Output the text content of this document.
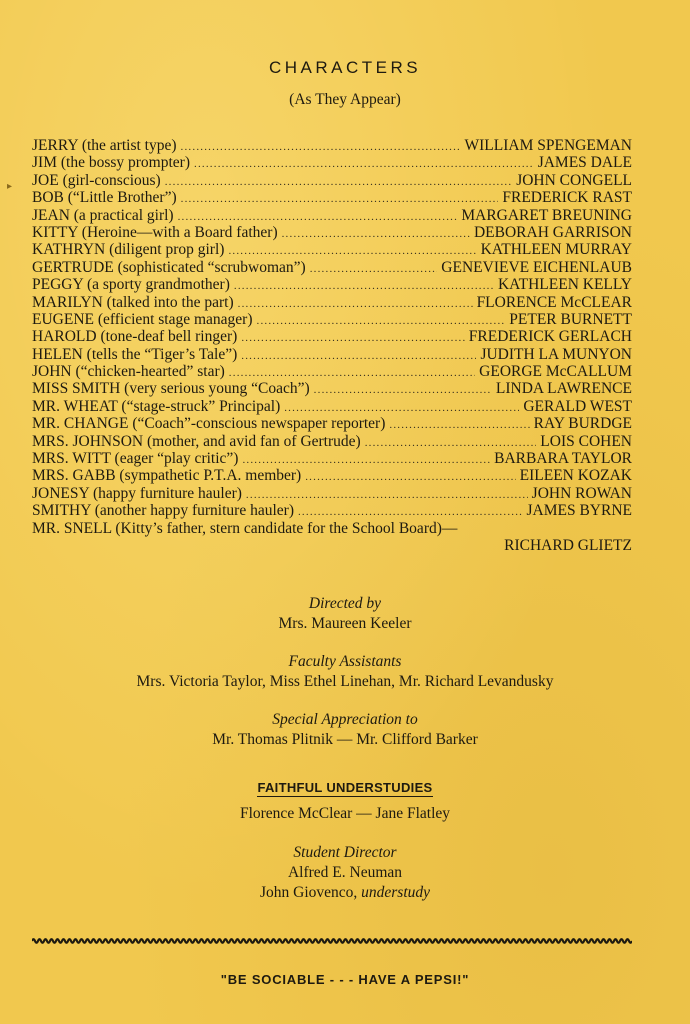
▸
CHARACTERS
(As They Appear)
JERRY (the artist type) .....	WILLIAM SPENGEMAN
JIM (the bossy prompter) .....	JAMES DALE
JOE (girl-conscious) .....	JOHN CONGELL
BOB (“Little Brother”) .....	FREDERICK RAST
JEAN (a practical girl) .....	MARGARET BREUNING
KITTY (Heroine—with a Board father) .....	DEBORAH GARRISON
KATHRYN (diligent prop girl) .....	KATHLEEN MURRAY
GERTRUDE (sophisticated “scrubwoman”) .....	GENEVIEVE EICHENLAUB
PEGGY (a sporty grandmother) .....	KATHLEEN KELLY
MARILYN (talked into the part) .....	FLORENCE McCLEAR
EUGENE (efficient stage manager) .....	PETER BURNETT
HAROLD (tone-deaf bell ringer) .....	FREDERICK GERLACH
HELEN (tells the “Tiger’s Tale”) .....	JUDITH LA MUNYON
JOHN (“chicken-hearted” star) .....	GEORGE McCALLUM
MISS SMITH (very serious young “Coach”) .....	LINDA LAWRENCE
MR. WHEAT (“stage-struck” Principal) .....	GERALD WEST
MR. CHANGE (“Coach”-conscious newspaper reporter) .....	RAY BURDGE
MRS. JOHNSON (mother, and avid fan of Gertrude) .....	LOIS COHEN
MRS. WITT (eager “play critic”) .....	BARBARA TAYLOR
MRS. GABB (sympathetic P.T.A. member) .....	EILEEN KOZAK
JONESY (happy furniture hauler) .....	JOHN ROWAN
SMITHY (another happy furniture hauler) .....	JAMES BYRNE
MR. SNELL (Kitty’s father, stern candidate for the School Board)—
RICHARD GLIETZ
Directed by
Mrs. Maureen Keeler
Faculty Assistants
Mrs. Victoria Taylor, Miss Ethel Linehan, Mr. Richard Levandusky
Special Appreciation to
Mr. Thomas Plitnik — Mr. Clifford Barker
FAITHFUL UNDERSTUDIES
Florence McClear — Jane Flatley
Student Director
Alfred E. Neuman
John Giovenco, understudy
"BE SOCIABLE - - - HAVE A PEPSI!"
